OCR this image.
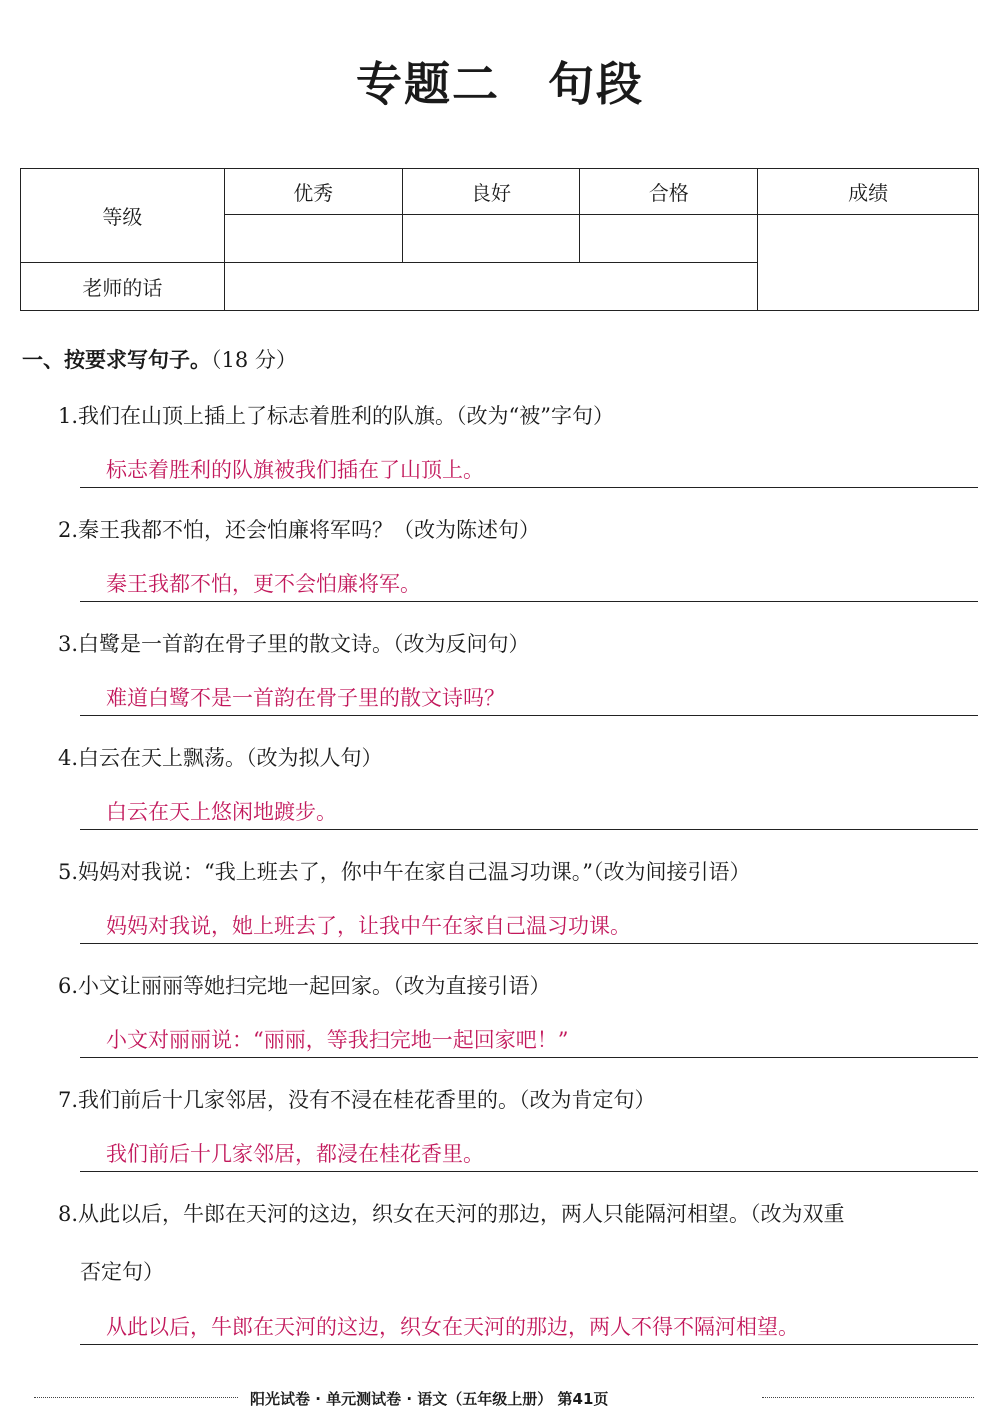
专题二 句段
等级	优秀	良好	合格	成绩

老师的话				
一、按要求写句子。（18 分）
1.我们在山顶上插上了标志着胜利的队旗。（改为“被”字句）
标志着胜利的队旗被我们插在了山顶上。
2.秦王我都不怕，还会怕廉将军吗？（改为陈述句）
秦王我都不怕，更不会怕廉将军。
3.白鹭是一首韵在骨子里的散文诗。（改为反问句）
难道白鹭不是一首韵在骨子里的散文诗吗？
4.白云在天上飘荡。（改为拟人句）
白云在天上悠闲地踱步。
5.妈妈对我说：“我上班去了，你中午在家自己温习功课。”（改为间接引语）
妈妈对我说，她上班去了，让我中午在家自己温习功课。
6.小文让丽丽等她扫完地一起回家。（改为直接引语）
小文对丽丽说：“丽丽，等我扫完地一起回家吧！”
7.我们前后十几家邻居，没有不浸在桂花香里的。（改为肯定句）
我们前后十几家邻居，都浸在桂花香里。
8.从此以后，牛郎在天河的这边，织女在天河的那边，两人只能隔河相望。（改为双重
否定句）
从此以后，牛郎在天河的这边，织女在天河的那边，两人不得不隔河相望。
阳光试卷 · 单元测试卷 · 语文（五年级上册） 第41页
